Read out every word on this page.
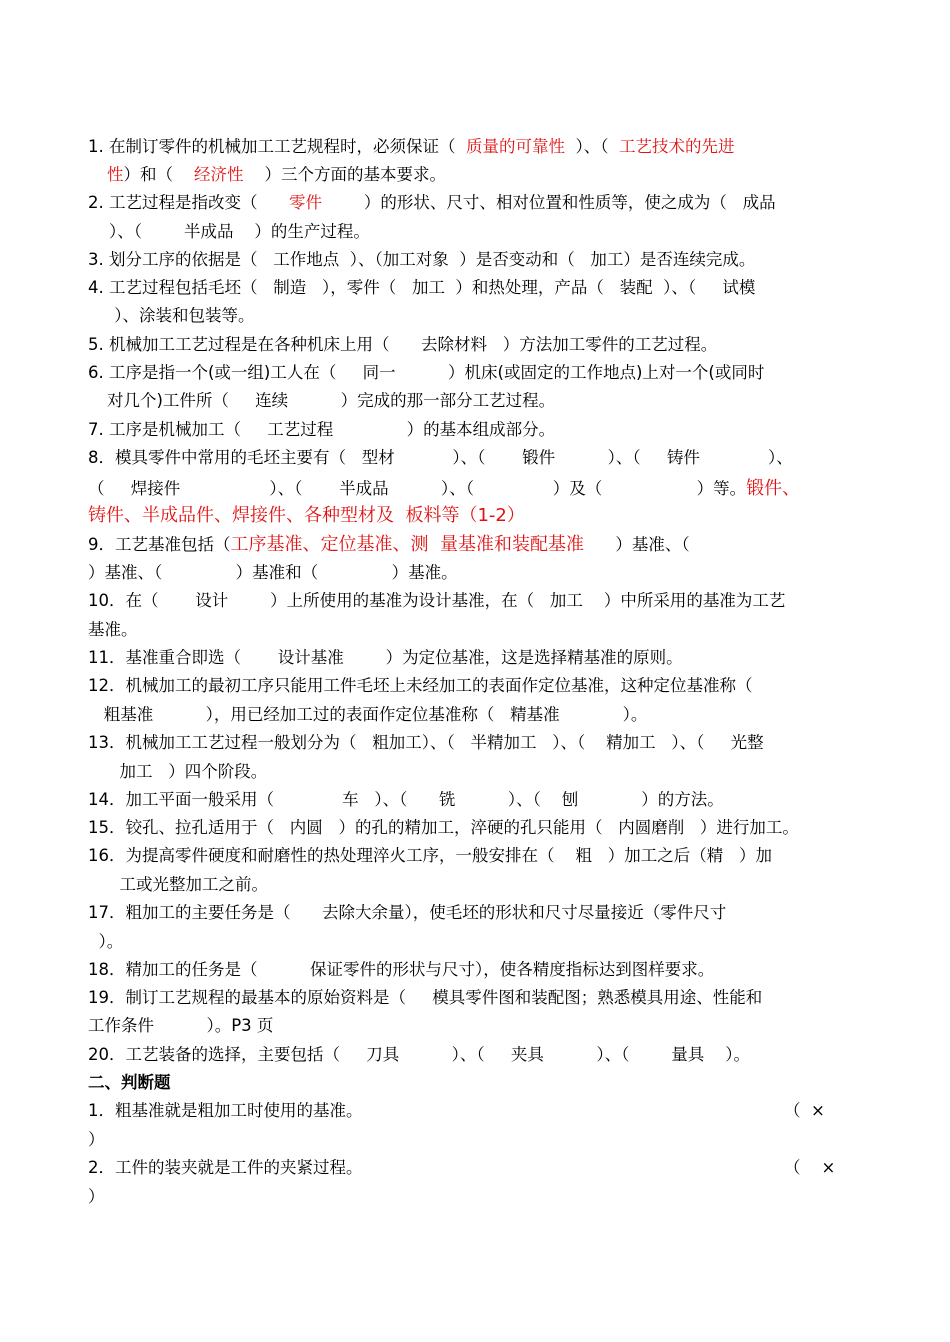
1. 在制订零件的机械加工工艺规程时，必须保证（  质量的可靠性  ）、（  工艺技术的先进
性）和（    经济性    ）三个方面的基本要求。
2. 工艺过程是指改变（      零件        ）的形状、尺寸、相对位置和性质等，使之成为（   成品
）、（        半成品    ）的生产过程。
3. 划分工序的依据是（   工作地点  ）、（加工对象  ）是否变动和（   加工）是否连续完成。
4. 工艺过程包括毛坯（   制造   ），零件（   加工  ）和热处理，产品（   装配  ）、（     试模
）、涂装和包装等。
5. 机械加工工艺过程是在各种机床上用（      去除材料   ）方法加工零件的工艺过程。
6. 工序是指一个(或一组)工人在（     同一          ）机床(或固定的工作地点)上对一个(或同时
对几个)工件所（     连续          ）完成的那一部分工艺过程。
7. 工序是机械加工（     工艺过程              ）的基本组成部分。
8．模具零件中常用的毛坯主要有（   型材           ）、（       锻件          ）、（     铸件             ）、
（     焊接件                 ）、（       半成品          ）、（               ）及（                  ）等。锻件、
铸件、半成品件、焊接件、各种型材及  板料等（1-2）
9．工艺基准包括（工序基准、定位基准、测  量基准和装配基准      ）基准、（
）基准、（              ）基准和（              ）基准。
10．在（       设计        ）上所使用的基准为设计基准，在（   加工    ）中所采用的基准为工艺
基准。
11．基准重合即选（       设计基准        ）为定位基准，这是选择精基准的原则。
12．机械加工的最初工序只能用工件毛坯上未经加工的表面作定位基准，这种定位基准称（
粗基准          ），用已经加工过的表面作定位基准称（   精基准            ）。
13．机械加工工艺过程一般划分为（   粗加工）、（   半精加工   ）、（    精加工   ）、（     光整
加工   ）四个阶段。
14．加工平面一般采用（             车   ）、（      铣          ）、（    刨            ）的方法。
15．铰孔、拉孔适用于（   内圆   ）的孔的精加工，淬硬的孔只能用（   内圆磨削   ）进行加工。
16．为提高零件硬度和耐磨性的热处理淬火工序，一般安排在（    粗   ）加工之后（精   ）加
工或光整加工之前。
17．粗加工的主要任务是（      去除大余量），使毛坯的形状和尺寸尽量接近（零件尺寸
）。
18．精加工的任务是（          保证零件的形状与尺寸），使各精度指标达到图样要求。
19．制订工艺规程的最基本的原始资料是（     模具零件图和装配图；熟悉模具用途、性能和
工作条件          ）。P3 页
20．工艺装备的选择，主要包括（     刀具          ）、（     夹具          ）、（        量具    ）。
二、判断题
1．粗基准就是粗加工时使用的基准。	（  ×
）
2．工件的装夹就是工件的夹紧过程。	（    ×
）
